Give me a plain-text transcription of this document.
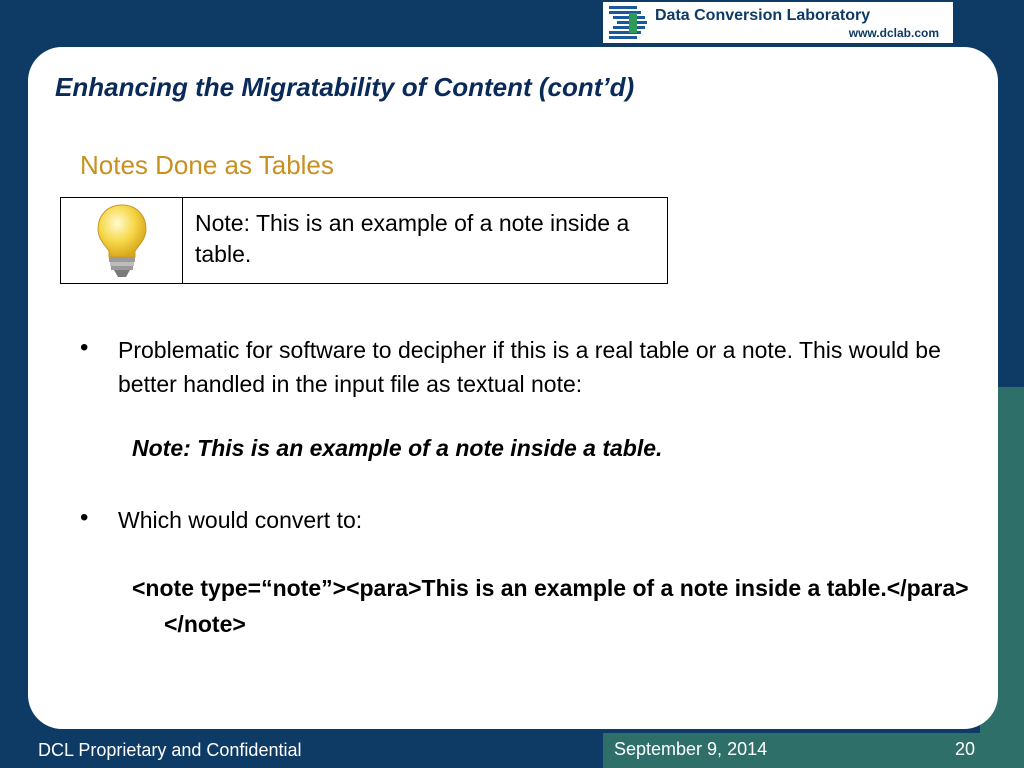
Data Conversion Laboratory
www.dclab.com
Enhancing the Migratability of Content (cont’d)
Notes Done as Tables
Note: This is an example of a note inside a table.
• Problematic for software to decipher if this is a real table or a note. This would be better handled in the input file as textual note:
Note: This is an example of a note inside a table.
• Which would convert to:
<note type=“note”><para>This is an example of a note inside a table.</para></note>
DCL Proprietary and Confidential	September 9, 2014	20
